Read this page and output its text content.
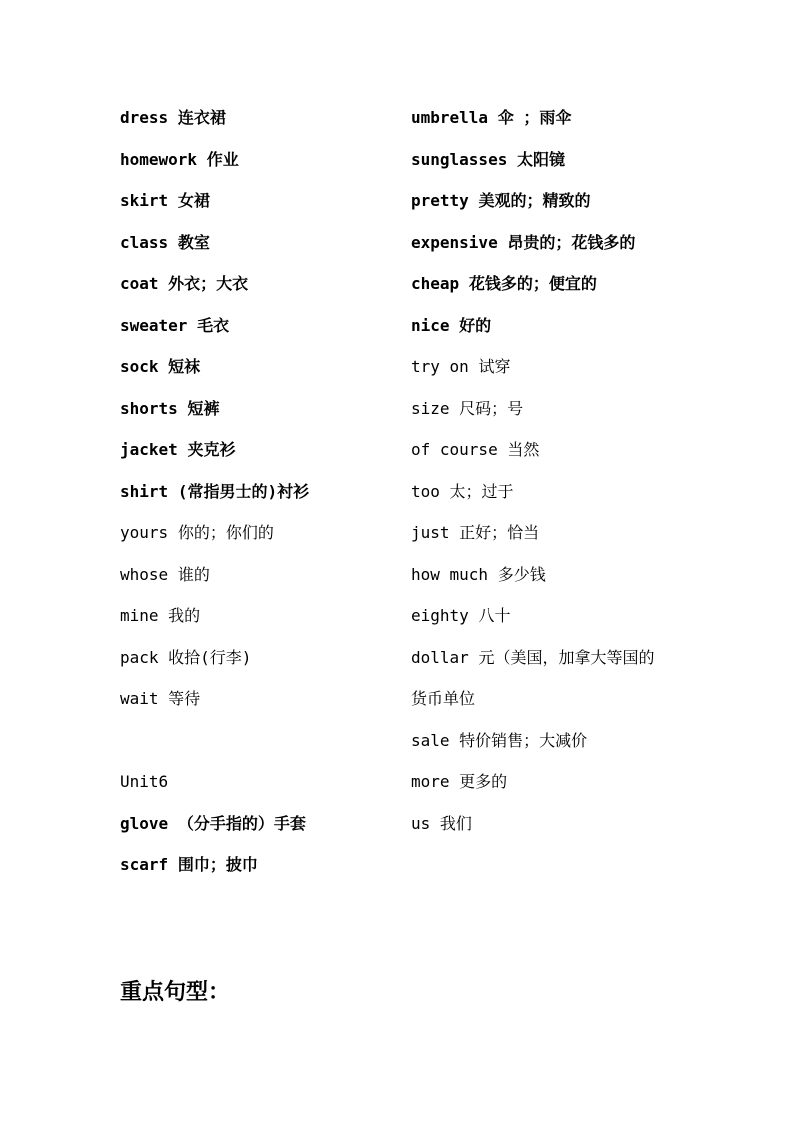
dress 连衣裙
homework 作业
skirt 女裙
class 教室
coat 外衣；大衣
sweater 毛衣
sock 短袜
shorts 短裤
jacket 夹克衫
shirt (常指男士的)衬衫
yours 你的；你们的
whose 谁的
mine 我的
pack 收拾(行李)
wait 等待
Unit6
glove （分手指的）手套
scarf 围巾；披巾
umbrella 伞 ；雨伞
sunglasses 太阳镜
pretty 美观的；精致的
expensive 昂贵的；花钱多的
cheap 花钱多的；便宜的
nice 好的
try on 试穿
size 尺码；号
of course 当然
too 太；过于
just 正好；恰当
how much 多少钱
eighty 八十
dollar 元（美国，加拿大等国的
货币单位
sale 特价销售；大减价
more 更多的
us 我们
重点句型：
